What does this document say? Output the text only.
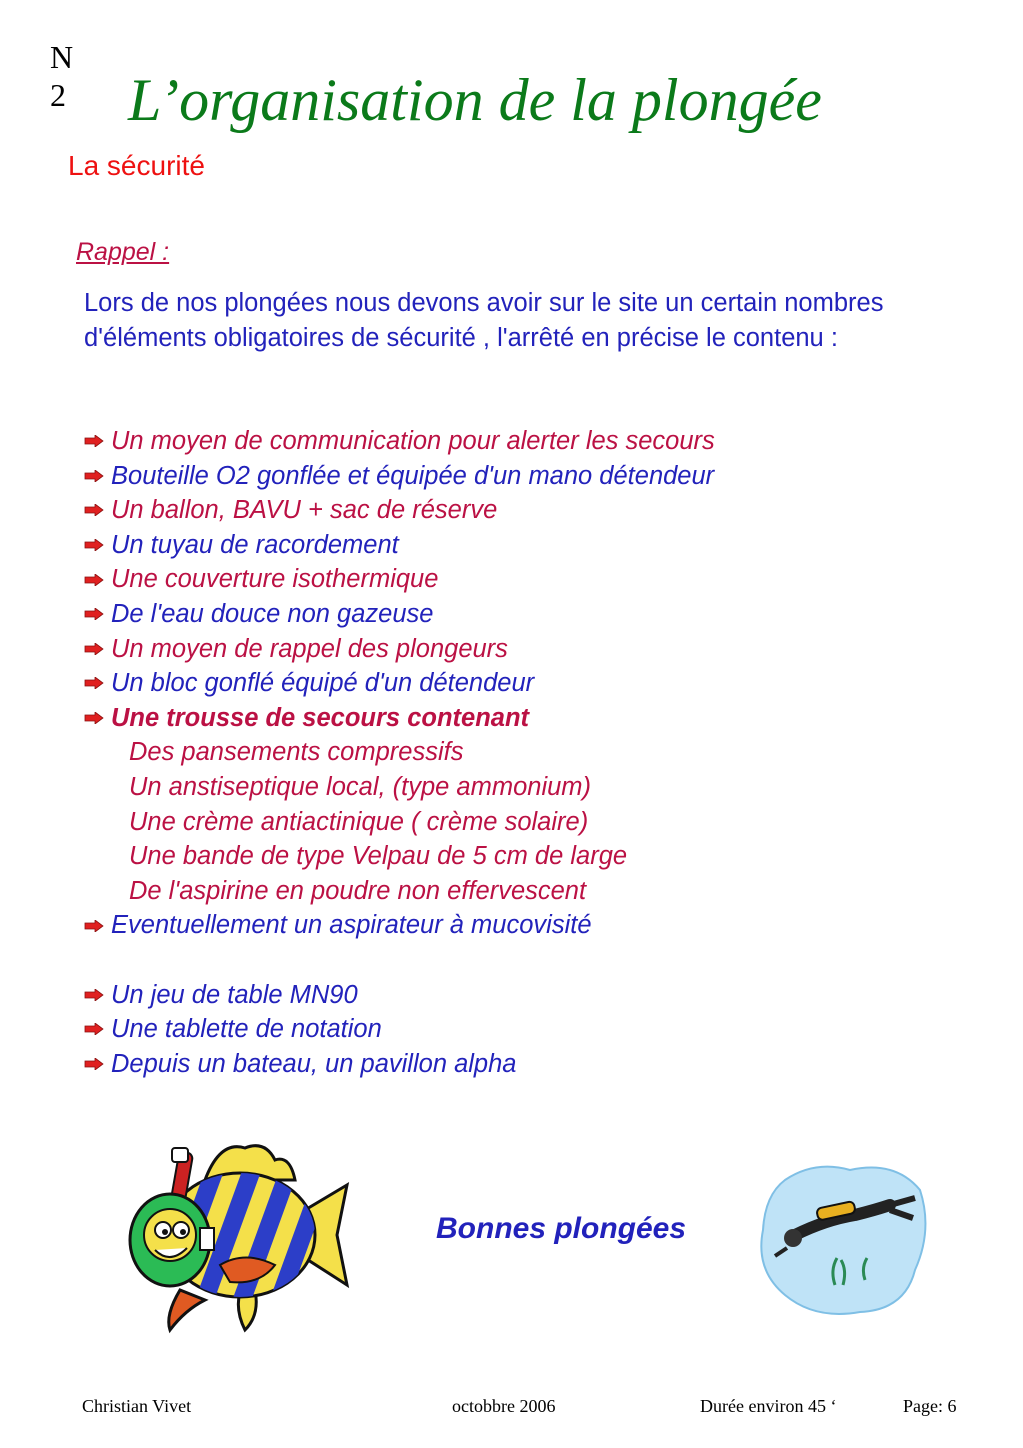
N
2	L’organisation de la plongée
La sécurité
Rappel :
Lors de nos plongées nous devons avoir sur le site un certain nombres d'éléments obligatoires de sécurité , l'arrêté en précise le contenu :
Un moyen de communication pour alerter les secours
Bouteille O2 gonflée et équipée d'un mano détendeur
Un ballon, BAVU + sac de réserve
Un tuyau de racordement
Une couverture isothermique
De l'eau douce non gazeuse
Un moyen de rappel des plongeurs
Un bloc gonflé équipé d'un détendeur
Une trousse de secours contenant
Des pansements compressifs
Un anstiseptique local, (type ammonium)
Une crème antiactinique ( crème solaire)
Une bande de type Velpau de 5 cm de large
De l'aspirine en poudre non effervescent
Eventuellement un aspirateur à mucovisité
Un jeu de table MN90
Une tablette de notation
Depuis un bateau, un pavillon alpha
Bonnes plongées
Christian Vivet	octobbre 2006	Durée environ 45 ‘	Page: 6
